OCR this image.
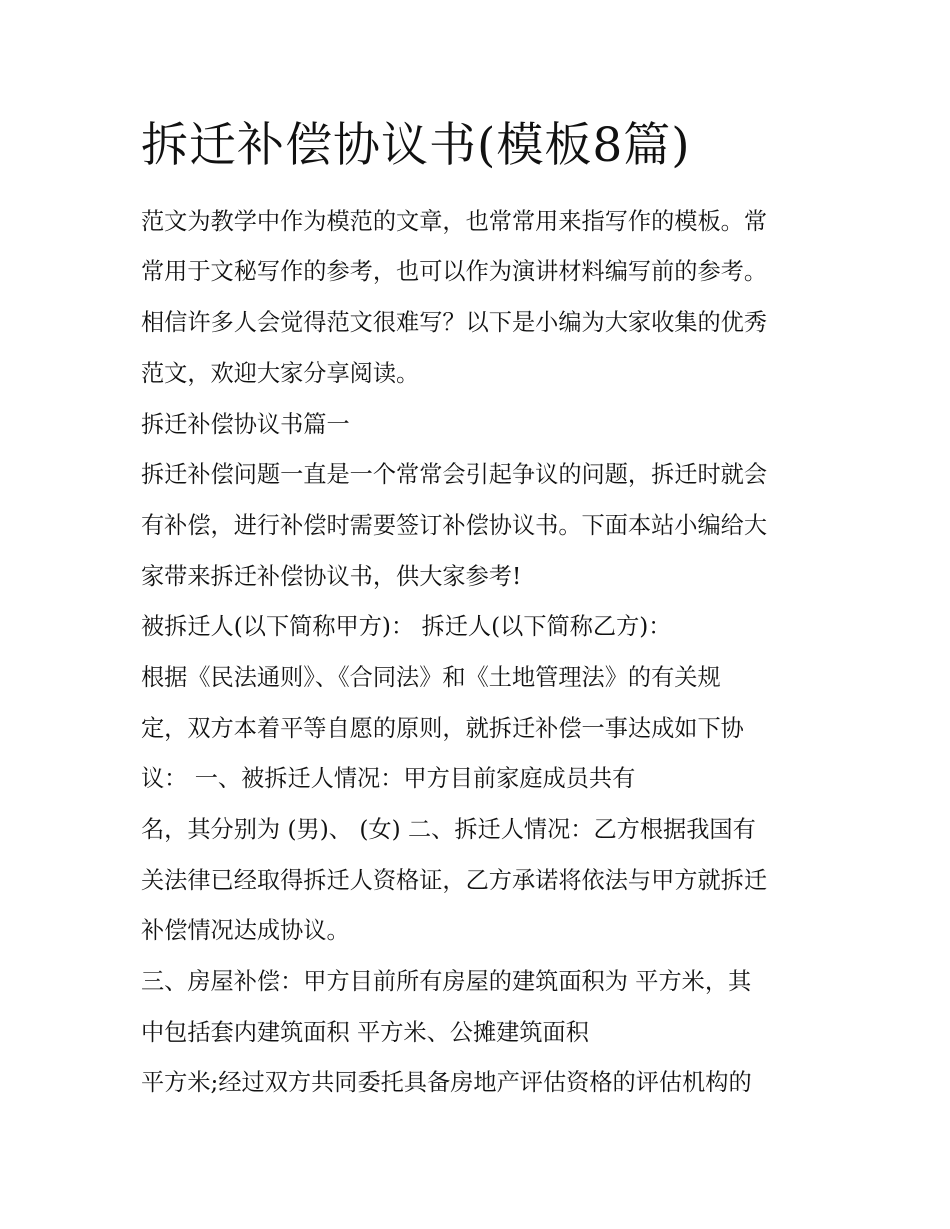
拆迁补偿协议书(模板8篇)

范文为教学中作为模范的文章，也常常用来指写作的模板。常

常用于文秘写作的参考，也可以作为演讲材料编写前的参考。

相信许多人会觉得范文很难写？以下是小编为大家收集的优秀

范文，欢迎大家分享阅读。

拆迁补偿协议书篇一

拆迁补偿问题一直是一个常常会引起争议的问题，拆迁时就会

有补偿，进行补偿时需要签订补偿协议书。下面本站小编给大

家带来拆迁补偿协议书，供大家参考!

被拆迁人(以下简称甲方)： 拆迁人(以下简称乙方)：

根据《民法通则》、《合同法》和《土地管理法》的有关规

定，双方本着平等自愿的原则，就拆迁补偿一事达成如下协

议： 一、被拆迁人情况：甲方目前家庭成员共有

名，其分别为 (男)、 (女) 二、拆迁人情况：乙方根据我国有

关法律已经取得拆迁人资格证，乙方承诺将依法与甲方就拆迁

补偿情况达成协议。

三、房屋补偿：甲方目前所有房屋的建筑面积为 平方米，其

中包括套内建筑面积 平方米、公摊建筑面积

平方米;经过双方共同委托具备房地产评估资格的评估机构的
